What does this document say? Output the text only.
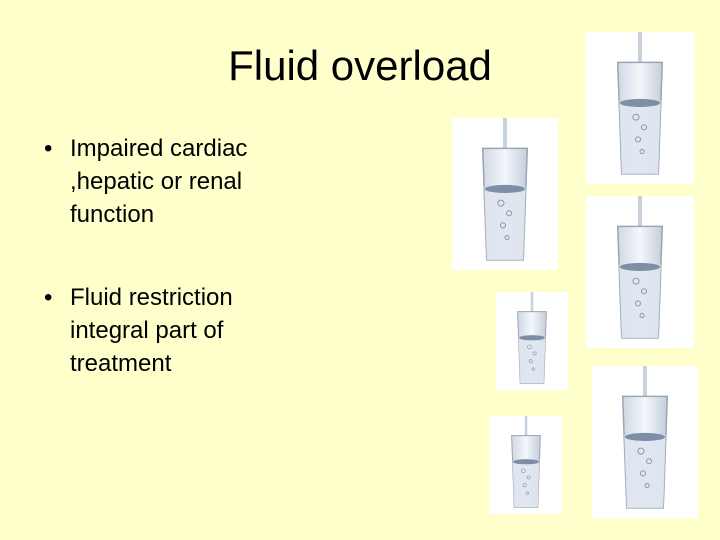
Fluid overload
• Impaired cardiac ,hepatic or renal function
• Fluid restriction integral part of treatment
